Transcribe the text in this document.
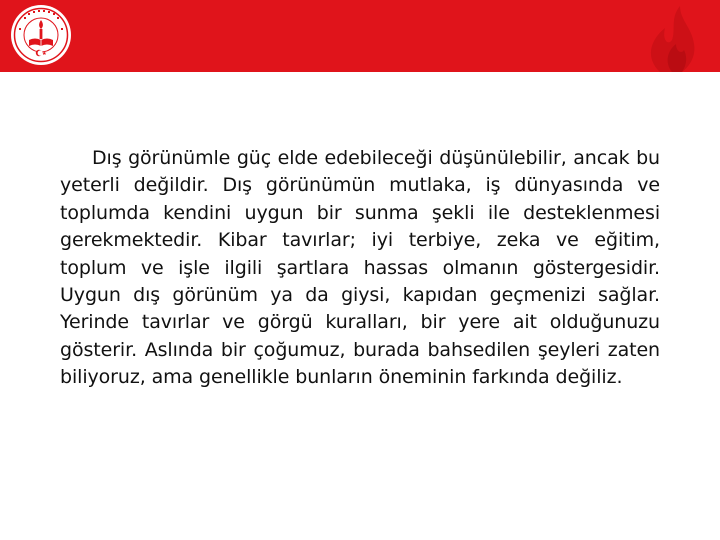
Dış görünümle güç elde edebileceği düşünülebilir, ancak bu yeterli değildir. Dış görünümün mutlaka, iş dünyasında ve toplumda kendini uygun bir sunma şekli ile desteklenmesi gerekmektedir. Kibar tavırlar; iyi terbiye, zeka ve eğitim, toplum ve işle ilgili şartlara hassas olmanın göstergesidir. Uygun dış görünüm ya da giysi, kapıdan geçmenizi sağlar. Yerinde tavırlar ve görgü kuralları, bir yere ait olduğunuzu gösterir. Aslında bir çoğumuz, burada bahsedilen şeyleri zaten biliyoruz, ama genellikle bunların öneminin farkında değiliz.
